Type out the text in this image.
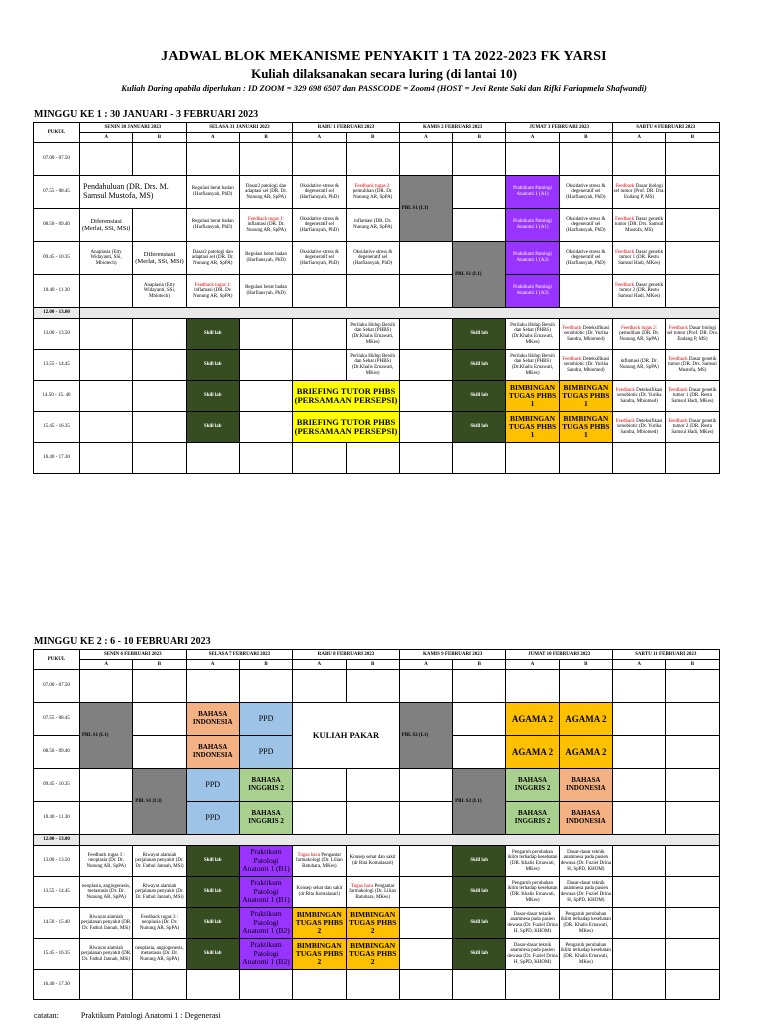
JADWAL BLOK MEKANISME PENYAKIT 1 TA 2022-2023 FK YARSI
Kuliah dilaksanakan secara luring (di lantai 10)
Kuliah Daring apabila diperlukan : ID ZOOM = 329 698 6507 dan PASSCODE = Zoom4 (HOST = Jevi Rente Saki dan Rifki Fariapmela Shafwandi)
MINGGU KE 1 : 30 JANUARI - 3 FEBRUARI 2023
PUKUL	SENIN 30 JANUARI 2023		SELASA 31 JANUARI 2023		RABU 1 FEBRUARI 2023		KAMIS 2 FEBRUARI 2023		JUMAT 3 FEBRUARI 2023		SABTU 4 FEBRUARI 2023	
	A	B	A	B	A	B	A	B	A	B	A	B
07.00 - 07.50												
07.55 - 08.45	Pendahuluan (DR. Drs. M. Samsul Mustofa, MS)		Regulasi berat badan (Harfiansyah, PhD)	Dasar2 patologi dan adaptasi sel (DR. Dr. Nunung AR, SpPA)	Oksidative stress & degeneratif sel (Harfiansyah, PhD)	Feedback tugas 2: pemulihan (DR. Dr. Nunung AR, SpPA)	PBL S1 (L1)		Praktikum Patologi Anatomi 1 (A1)	Oksidative stress & degeneratif sel (Harfiansyah, PhD)	Feedback Dasar biologi sel tumor (Prof. DR. Dra. Endang P, MS)	
08.50 - 09.40	Diferensiasi (Merlat, SSi, MSi)		Regulasi berat badan (Harfiansyah, PhD)	Feedback tugas 1: inflamasi (DR. Dr. Nunung AR, SpPA)	Oksidative stress & degeneratif sel (Harfiansyah, PhD)	inflamasi (DR. Dr. Nunung AR, SpPA)			Praktikum Patologi Anatomi 1 (A1)	Oksidative stress & degeneratif sel (Harfiansyah, PhD)	Feedback Dasar genetik tumor (DR. Drs. Samsul Mustofa, MS)	
09.45 - 10.35	Anaplasia (Etty Widayanti, SSi, Mbiotech)	Diferensiasi (Merlat, SSi, MSi)	Dasar2 patologi dan adaptasi sel (DR. Dr. Nunung AR, SpPA)	Regulasi berat badan (Harfiansyah, PhD)	Oksidative stress & degeneratif sel (Harfiansyah, PhD)	Oksidative stress & degeneratif sel (Harfiansyah, PhD)		PBL S1 (L1)	Praktikum Patologi Anatomi 1 (A2)	Oksidative stress & degeneratif sel (Harfiansyah, PhD)	Feedback Dasar genetik tumor 1 (DR. Restu Samsul Hadi, MKes)	
10.40 - 11.30		Anaplasia (Etty Widayanti, SSi, Mbiotech)	Feedback tugas 1: inflamasi (DR. Dr. Nunung AR, SpPA)	Regulasi berat badan (Harfiansyah, PhD)					Praktikum Patologi Anatomi 1 (A2)		Feedback Dasar genetik tumor 2 (DR. Restu Samsul Hadi, MKes)	
12.00 - 13.00												
13.00 - 13.50			Skill lab			Perilaku Hidup Bersih dan Sehat (PHBS) (Dr.Khalis Ernawati, MKes)		Skill lab	Perilaku Hidup Bersih dan Sehat (PHBS) (Dr.Khalis Ernawati, MKes)	Feedback Deteksifikasi xenobiotic (Dr. Yurika Sandra, Mbiomed)	Feedback tugas 2: pemulihan (DR. Dr. Nunung AR, SpPA)	Feedback Dasar biologi sel tumor (Prof. DR. Dra. Endang P, MS)
13.55 - 14.45			Skill lab			Perilaku Hidup Bersih dan Sehat (PHBS) (Dr.Khalis Ernawati, MKes)		Skill lab	Perilaku Hidup Bersih dan Sehat (PHBS) (Dr.Khalis Ernawati, MKes)	Feedback Deteksifikasi xenobiotic (Dr. Yurika Sandra, Mbiomed)	inflamasi (DR. Dr. Nunung AR, SpPA)	Feedback Dasar genetik tumor (DR. Drs. Samsul Mustofa, MS)
14.50 - 15. 40			Skill lab		BRIEFING TUTOR PHBS (PERSAMAAN PERSEPSI)			Skill lab	BIMBINGAN TUGAS PHBS 1	BIMBINGAN TUGAS PHBS 1	Feedback Deteksifikasi xenobiotic (Dr. Yurika Sandra, Mbiomed)	Feedback Dasar genetik tumor 1 (DR. Restu Samsul Hadi, MKes)
15.45 - 16.35			Skill lab		BRIEFING TUTOR PHBS (PERSAMAAN PERSEPSI)			Skill lab	BIMBINGAN TUGAS PHBS 1	BIMBINGAN TUGAS PHBS 1	Feedback Deteksifikasi xenobiotic (Dr. Yurika Sandra, Mbiomed)	Feedback Dasar genetik tumor 2 (DR. Restu Samsul Hadi, MKes)
16.40 - 17.30												
MINGGU KE 2 : 6 - 10 FEBRUARI 2023
PUKUL	SENIN 6 FEBRUARI 2023		SELASA 7 FEBRUARI 2023		RABU 8 FEBRUARI 2023		KAMIS 9 FEBRUARI 2023		JUMAT 10 FEBRUARI 2023		SABTU 11 FEBRUARI 2023	
	A	B	A	B	A	B	A	B	A	B	A	B
07.00 - 07.50												
07.55 - 08.45	PBL S1 (L1)		BAHASA INDONESIA	PPD	KULIAH PAKAR		PBL S2 (L1)		AGAMA 2	AGAMA 2		
08.50 - 09.40			BAHASA INDONESIA	PPD					AGAMA 2	AGAMA 2		
09.45 - 10.35		PBL S1 (L3)	PPD	BAHASA INGGRIS 2				PBL S2 (L1)	BAHASA INGGRIS 2	BAHASA INDONESIA		
10.40 - 11.30			PPD	BAHASA INGGRIS 2					BAHASA INGGRIS 2	BAHASA INDONESIA		
12.00 - 13.00												
13.00 - 13.50	Feedback tugas 3 : neoplasia (Dr. Dr. Nunung AR, SpPA)	Riwayat alamiah perjalanan penyakit (Dr. Dr. Fathul Jannah, MSi)	Skill lab	Praktikum Patologi Anatomi 1 (B1)	Tugas baca Pengantar farmakologi (Dr. Lilian Batubara, MKes)	Konsep sehat dan sakit (dr Rita Komalasari)		Skill lab	Pengaruh perubahan iklim terhadap kesehatan (DR. Khalis Ernawati, MKes)	Dasar-dasar teknik anamnesa pada pasien dewasa (Dr. Fuziel Drina H, SpPD, KHOM)		
13.55 - 14.45	neoplasia, angiogenesis, metastasis (Dr. Dr. Nunung AR, SpPA)	Riwayat alamiah perjalanan penyakit (Dr. Dr. Fathul Jannah, MSi)	Skill lab	Praktikum Patologi Anatomi 1 (B1)	Konsep sehat dan sakit (dr Rita Komalasari)	Tugas baca Pengantar farmakologi (Dr. Lilian Batubara, MKes)		Skill lab	Pengaruh perubahan iklim terhadap kesehatan (DR. Khalis Ernawati, MKes)	Dasar-dasar teknik anamnesa pada pasien dewasa (Dr. Fuziel Drina H, SpPD, KHOM)		
14.50 - 15.40	Riwayat alamiah perjalanan penyakit (DR. Dr. Fathul Jannah, MSi)	Feedback tugas 3 : neoplasia (Dr. Dr. Nunung AR, SpPA)	Skill lab	Praktikum Patologi Anatomi 1 (B2)	BIMBINGAN TUGAS PHBS 2	BIMBINGAN TUGAS PHBS 2		Skill lab	Dasar-dasar teknik anamnesa pada pasien dewasa (Dr. Fuziel Drina H, SpPD, KHOM)	Pengaruh perubahan iklim terhadap kesehatan (DR. Khalis Ernawati, MKes)		
15.45 - 16.35	Riwayat alamiah perjalanan penyakit (DR. Dr. Fathul Jannah, MSi)	neoplasia, angiogenesis, metastasis (Dr. Dr. Nunung AR, SpPA)	Skill lab	Praktikum Patologi Anatomi 1 (B2)	BIMBINGAN TUGAS PHBS 2	BIMBINGAN TUGAS PHBS 2		Skill lab	Dasar-dasar teknik anamnesa pada pasien dewasa (Dr. Fuziel Drina H, SpPD, KHOM)	Pengaruh perubahan iklim terhadap kesehatan (DR. Khalis Ernawati, MKes)		
16.40 - 17.30												
catatan:	Praktikum Patologi Anatomi 1 : Degenerasi
